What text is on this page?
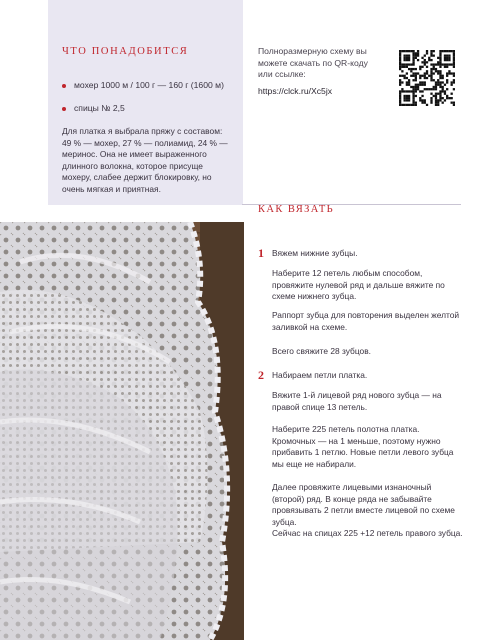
ЧТО ПОНАДОБИТСЯ
мохер 1000 м / 100 г — 160 г (1600 м)
спицы № 2,5

Для платка я выбрала пряжу с составом: 49 % — мохер, 27 % — полиамид, 24 % — меринос. Она не имеет выраженного длинного волокна, которое присуще мохеру, слабее держит блокировку, но очень мягкая и приятная.

Полноразмерную схему вы можете скачать по QR-коду или ссылке:
https://clck.ru/Xc5jx
КАК ВЯЗАТЬ
1 Вяжем нижние зубцы.

Наберите 12 петель любым способом, провяжите нулевой ряд и дальше вяжите по схеме нижнего зубца.

Раппорт зубца для повторения выделен желтой заливкой на схеме.

Всего свяжите 28 зубцов.

2 Набираем петли платка.

Вяжите 1-й лицевой ряд нового зубца — на правой спице 13 петель.

Наберите 225 петель полотна платка. Кромочных — на 1 меньше, поэтому нужно прибавить 1 петлю. Новые петли левого зубца мы еще не набирали.

Далее провяжите лицевыми изнаночный (второй) ряд. В конце ряда не забывайте провязывать 2 петли вместе лицевой по схеме зубца.

Сейчас на спицах 225 +12 петель правого зубца.
